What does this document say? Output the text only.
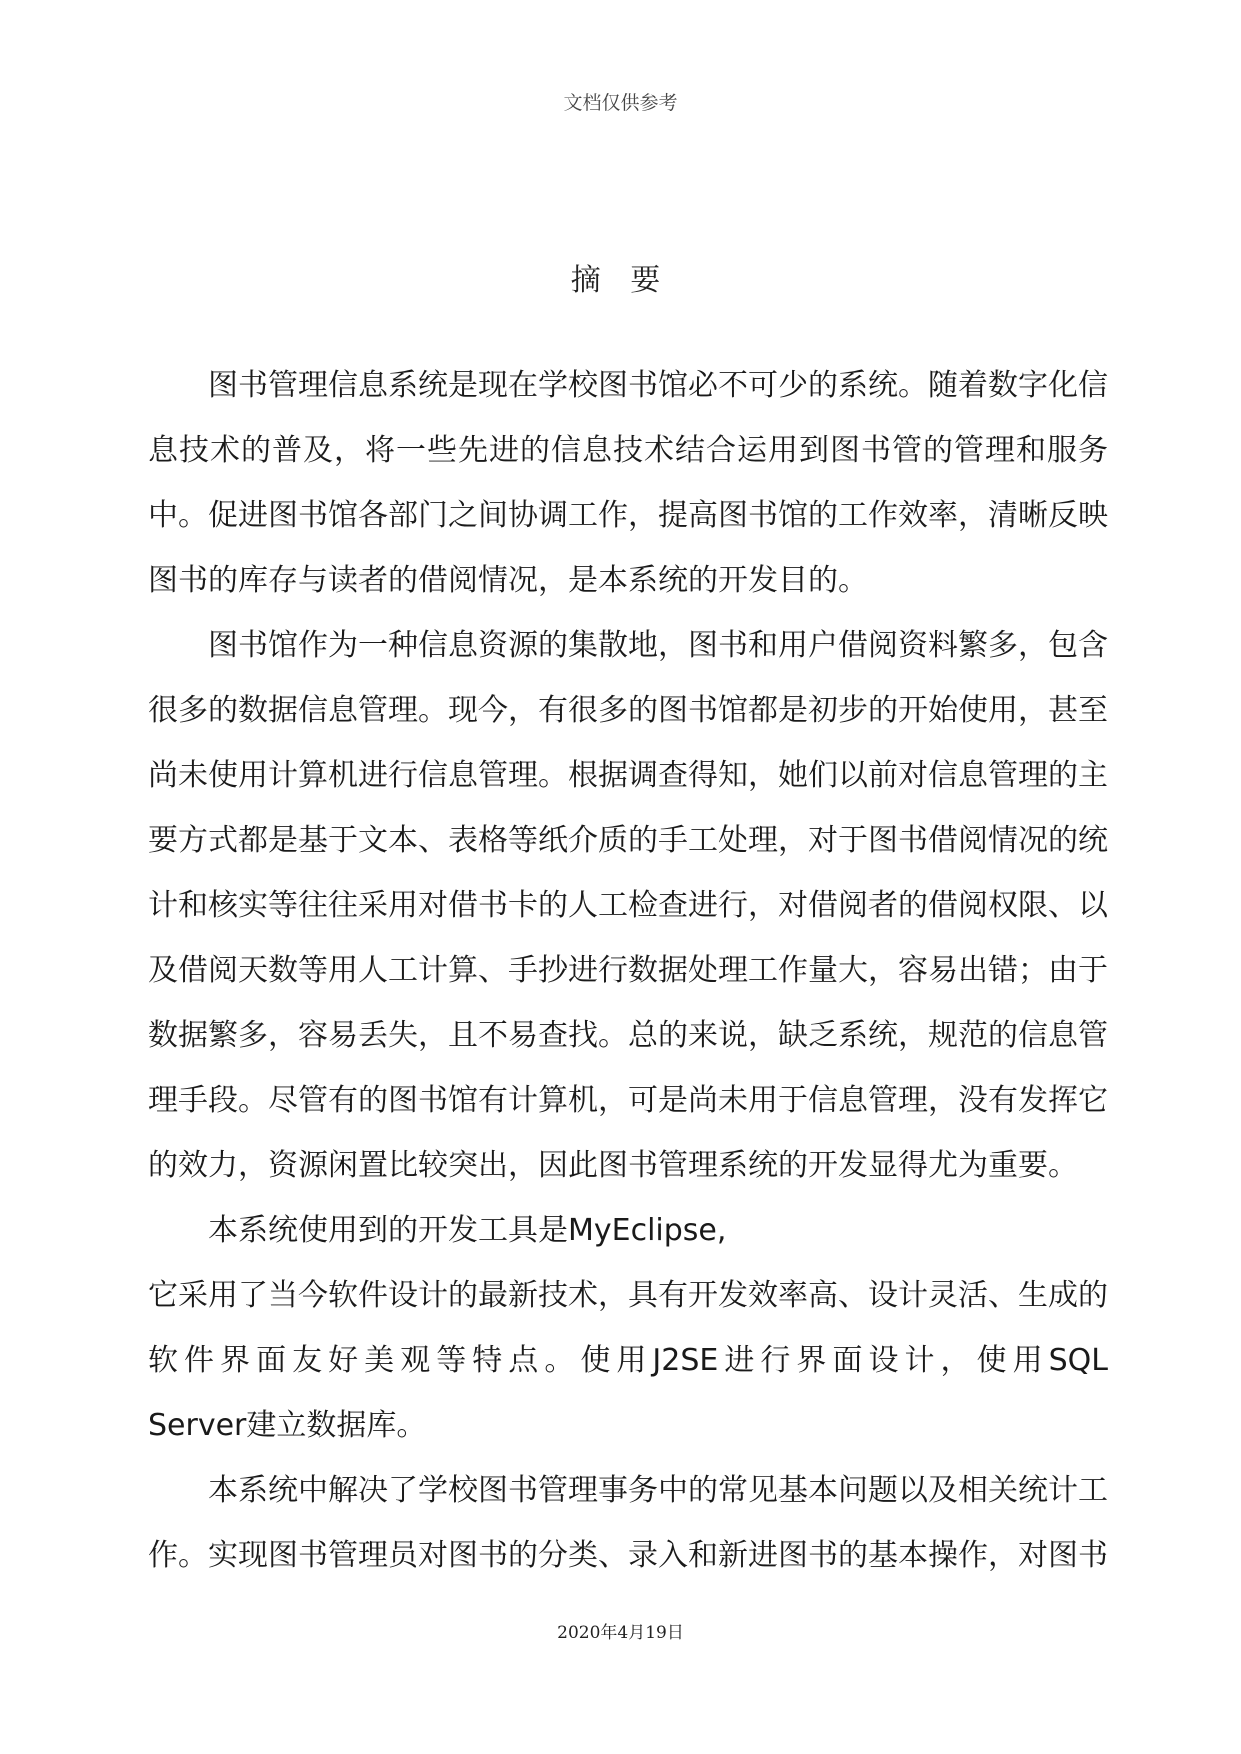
文档仅供参考
摘 要

图书管理信息系统是现在学校图书馆必不可少的系统。随着数字化信息技术的普及，将一些先进的信息技术结合运用到图书管的管理和服务中。促进图书馆各部门之间协调工作，提高图书馆的工作效率，清晰反映图书的库存与读者的借阅情况，是本系统的开发目的。

图书馆作为一种信息资源的集散地，图书和用户借阅资料繁多，包含很多的数据信息管理。现今，有很多的图书馆都是初步的开始使用，甚至尚未使用计算机进行信息管理。根据调查得知，她们以前对信息管理的主要方式都是基于文本、表格等纸介质的手工处理，对于图书借阅情况的统计和核实等往往采用对借书卡的人工检查进行，对借阅者的借阅权限、以及借阅天数等用人工计算、手抄进行数据处理工作量大，容易出错；由于数据繁多，容易丢失，且不易查找。总的来说，缺乏系统，规范的信息管理手段。尽管有的图书馆有计算机，可是尚未用于信息管理，没有发挥它的效力，资源闲置比较突出，因此图书管理系统的开发显得尤为重要。

本系统使用到的开发工具是MyEclipse,

它采用了当今软件设计的最新技术，具有开发效率高、设计灵活、生成的软件界面友好美观等特点。使用J2SE进行界面设计，使用SQL　　　Server建立数据库。

本系统中解决了学校图书管理事务中的常见基本问题以及相关统计工作。实现图书管理员对图书的分类、录入和新进图书的基本操作，对图书

2020年4月19日
